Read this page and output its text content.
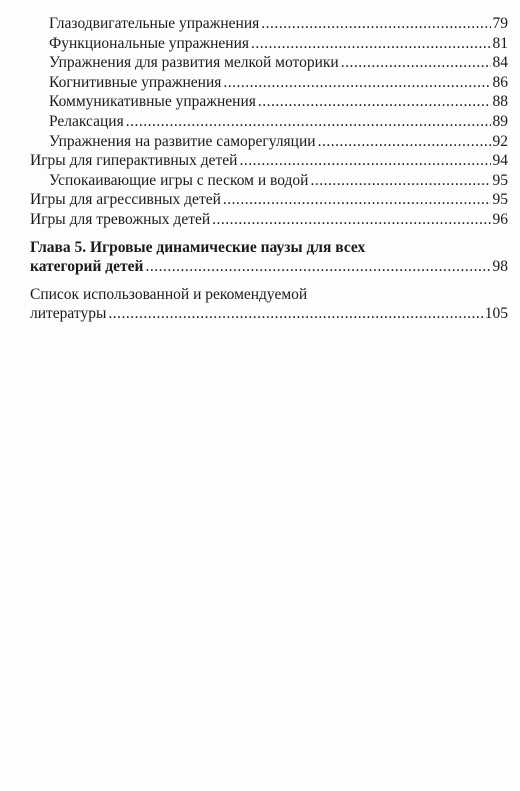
Глазодвигательные упражнения .....	79
Функциональные упражнения .....	81
Упражнения для развития мелкой моторики .....	84
Когнитивные упражнения .....	86
Коммуникативные упражнения .....	88
Релаксация .....	89
Упражнения на развитие саморегуляции .....	92
Игры для гиперактивных детей .....	94
Успокаивающие игры с песком и водой .....	95
Игры для агрессивных детей .....	95
Игры для тревожных детей .....	96
Глава 5. Игровые динамические паузы для всех
категорий детей .....	98
Список использованной и рекомендуемой
литературы .....	105
